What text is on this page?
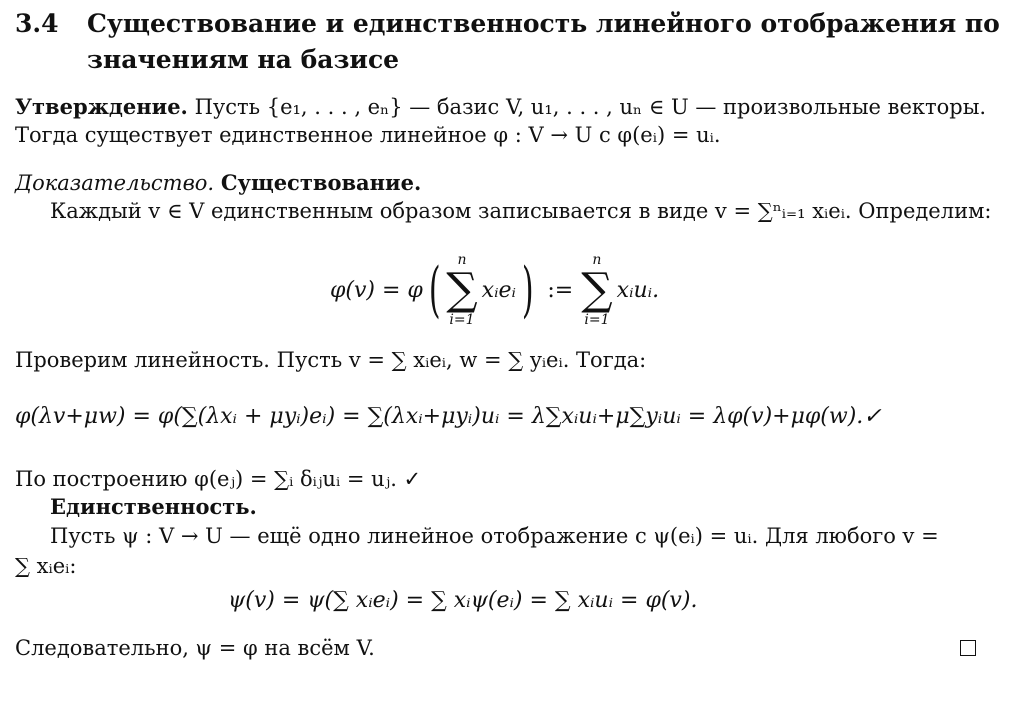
3.4 Существование и единственность линейного отображения по
значениям на базисе
Утверждение. Пусть {e₁, . . . , eₙ} — базис V, u₁, . . . , uₙ ∈ U — произвольные векторы.
Тогда существует единственное линейное φ : V → U с φ(eᵢ) = uᵢ.
Доказательство. Существование.
Каждый v ∈ V единственным образом записывается в виде v = ∑ⁿᵢ₌₁ xᵢeᵢ. Определим:
φ(v) = φ ( n
∑
i=1
xᵢeᵢ ) :=
n
∑
i=1
xᵢuᵢ.
Проверим линейность. Пусть v = ∑ xᵢeᵢ, w = ∑ yᵢeᵢ. Тогда:
φ(λv+μw) = φ(∑(λxᵢ + μyᵢ)eᵢ) = ∑(λxᵢ+μyᵢ)uᵢ = λ∑xᵢuᵢ+μ∑yᵢuᵢ = λφ(v)+μφ(w).✓
По построению φ(eⱼ) = ∑ᵢ δᵢⱼuᵢ = uⱼ. ✓
Единственность.
Пусть ψ : V → U — ещё одно линейное отображение с ψ(eᵢ) = uᵢ. Для любого v =
∑ xᵢeᵢ:
ψ(v) = ψ(∑ xᵢeᵢ) = ∑ xᵢψ(eᵢ) = ∑ xᵢuᵢ = φ(v).
Следовательно, ψ = φ на всём V.
